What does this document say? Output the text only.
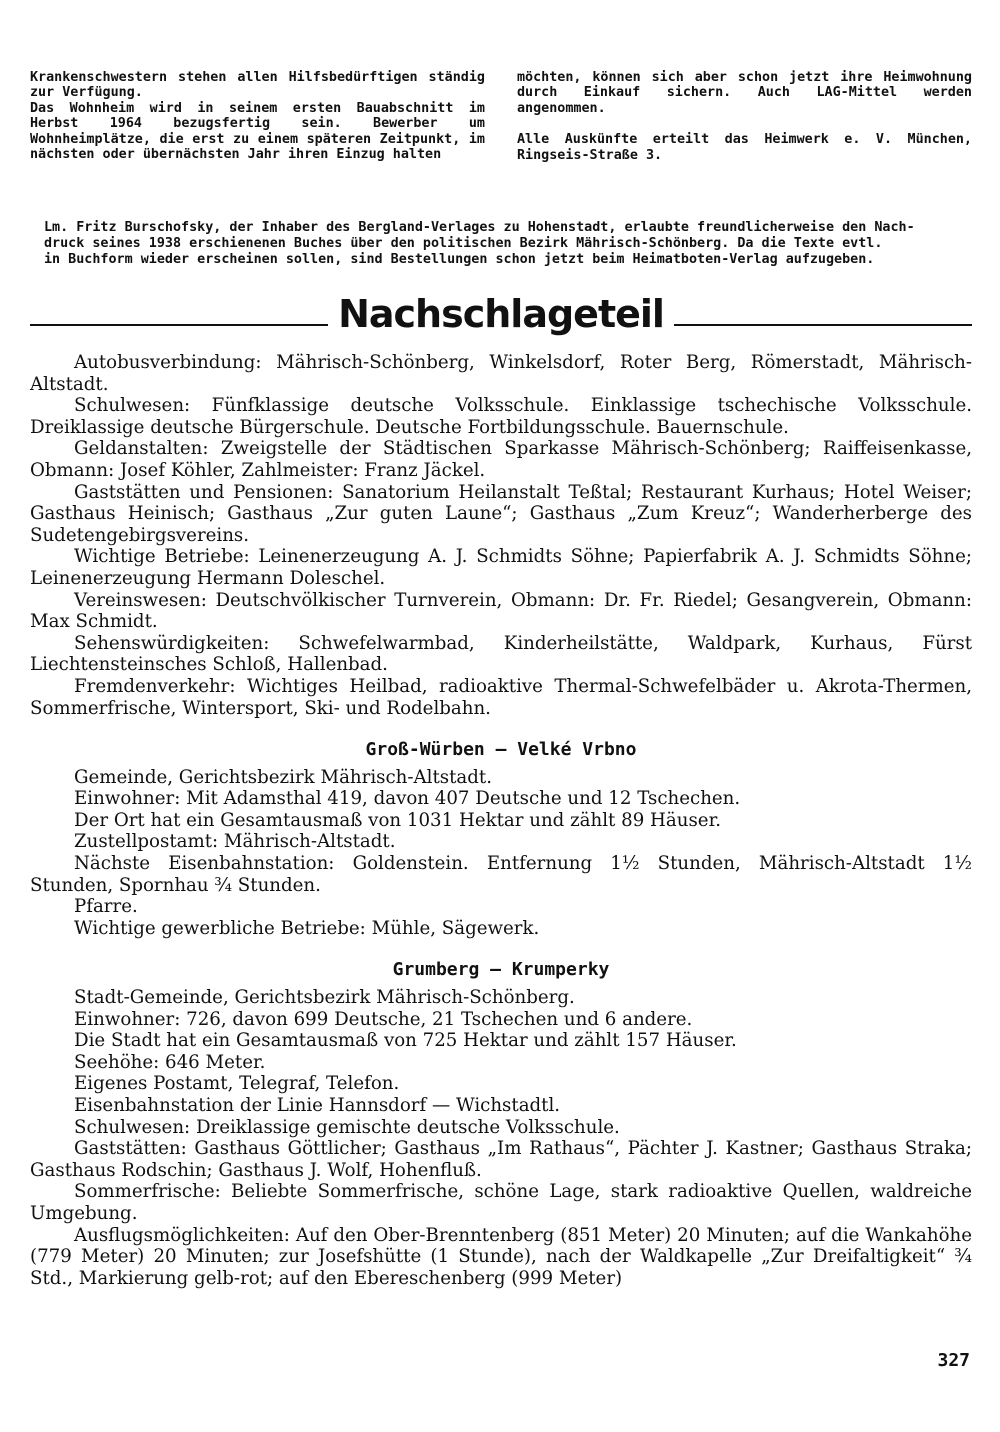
Krankenschwestern stehen allen Hilfsbedürftigen ständig zur Verfügung.

Das Wohnheim wird in seinem ersten Bauabschnitt im Herbst 1964 bezugsfertig sein. Bewerber um Wohnheimplätze, die erst zu einem späteren Zeitpunkt, im nächsten oder übernächsten Jahr ihren Einzug halten

möchten, können sich aber schon jetzt ihre Heimwohnung durch Einkauf sichern. Auch LAG-Mittel werden angenommen.

Alle Auskünfte erteilt das Heimwerk e. V. München, Ringseis-Straße 3.

Lm. Fritz Burschofsky, der Inhaber des Bergland-Verlages zu Hohenstadt, erlaubte freundlicherweise den Nach-
druck seines 1938 erschienenen Buches über den politischen Bezirk Mährisch-Schönberg. Da die Texte evtl.
in Buchform wieder erscheinen sollen, sind Bestellungen schon jetzt beim Heimatboten-Verlag aufzugeben.
Nachschlageteil

Autobusverbindung: Mährisch-Schönberg, Winkelsdorf, Roter Berg, Römerstadt, Mährisch-Altstadt.

Schulwesen: Fünfklassige deutsche Volksschule. Einklassige tschechische Volksschule. Dreiklassige deutsche Bürgerschule. Deutsche Fortbildungsschule. Bauernschule.

Geldanstalten: Zweigstelle der Städtischen Sparkasse Mährisch-Schönberg; Raiffeisenkasse, Obmann: Josef Köhler, Zahlmeister: Franz Jäckel.

Gaststätten und Pensionen: Sanatorium Heilanstalt Teßtal; Restaurant Kurhaus; Hotel Weiser; Gasthaus Heinisch; Gasthaus „Zur guten Laune“; Gasthaus „Zum Kreuz“; Wanderherberge des Sudetengebirgsvereins.

Wichtige Betriebe: Leinenerzeugung A. J. Schmidts Söhne; Papierfabrik A. J. Schmidts Söhne; Leinenerzeugung Hermann Doleschel.

Vereinswesen: Deutschvölkischer Turnverein, Obmann: Dr. Fr. Riedel; Gesangverein, Obmann: Max Schmidt.

Sehenswürdigkeiten: Schwefelwarmbad, Kinderheilstätte, Waldpark, Kurhaus, Fürst Liechtensteinsches Schloß, Hallenbad.

Fremdenverkehr: Wichtiges Heilbad, radioaktive Thermal-Schwefelbäder u. Akrota-Thermen, Sommerfrische, Wintersport, Ski- und Rodelbahn.

Groß-Würben — Velké Vrbno

Gemeinde, Gerichtsbezirk Mährisch-Altstadt.

Einwohner: Mit Adamsthal 419, davon 407 Deutsche und 12 Tschechen.

Der Ort hat ein Gesamtausmaß von 1031 Hektar und zählt 89 Häuser.

Zustellpostamt: Mährisch-Altstadt.

Nächste Eisenbahnstation: Goldenstein. Entfernung 1½ Stunden, Mährisch-Altstadt 1½ Stunden, Spornhau ¾ Stunden.

Pfarre.

Wichtige gewerbliche Betriebe: Mühle, Sägewerk.

Grumberg — Krumperky

Stadt-Gemeinde, Gerichtsbezirk Mährisch-Schönberg.

Einwohner: 726, davon 699 Deutsche, 21 Tschechen und 6 andere.

Die Stadt hat ein Gesamtausmaß von 725 Hektar und zählt 157 Häuser.

Seehöhe: 646 Meter.

Eigenes Postamt, Telegraf, Telefon.

Eisenbahnstation der Linie Hannsdorf — Wichstadtl.

Schulwesen: Dreiklassige gemischte deutsche Volksschule.

Gaststätten: Gasthaus Göttlicher; Gasthaus „Im Rathaus“, Pächter J. Kastner; Gasthaus Straka; Gasthaus Rodschin; Gasthaus J. Wolf, Hohenfluß.

Sommerfrische: Beliebte Sommerfrische, schöne Lage, stark radioaktive Quellen, waldreiche Umgebung.

Ausflugsmöglichkeiten: Auf den Ober-Brenntenberg (851 Meter) 20 Minuten; auf die Wankahöhe (779 Meter) 20 Minuten; zur Josefshütte (1 Stunde), nach der Waldkapelle „Zur Dreifaltigkeit“ ¾ Std., Markierung gelb-rot; auf den Ebereschenberg (999 Meter)

327
